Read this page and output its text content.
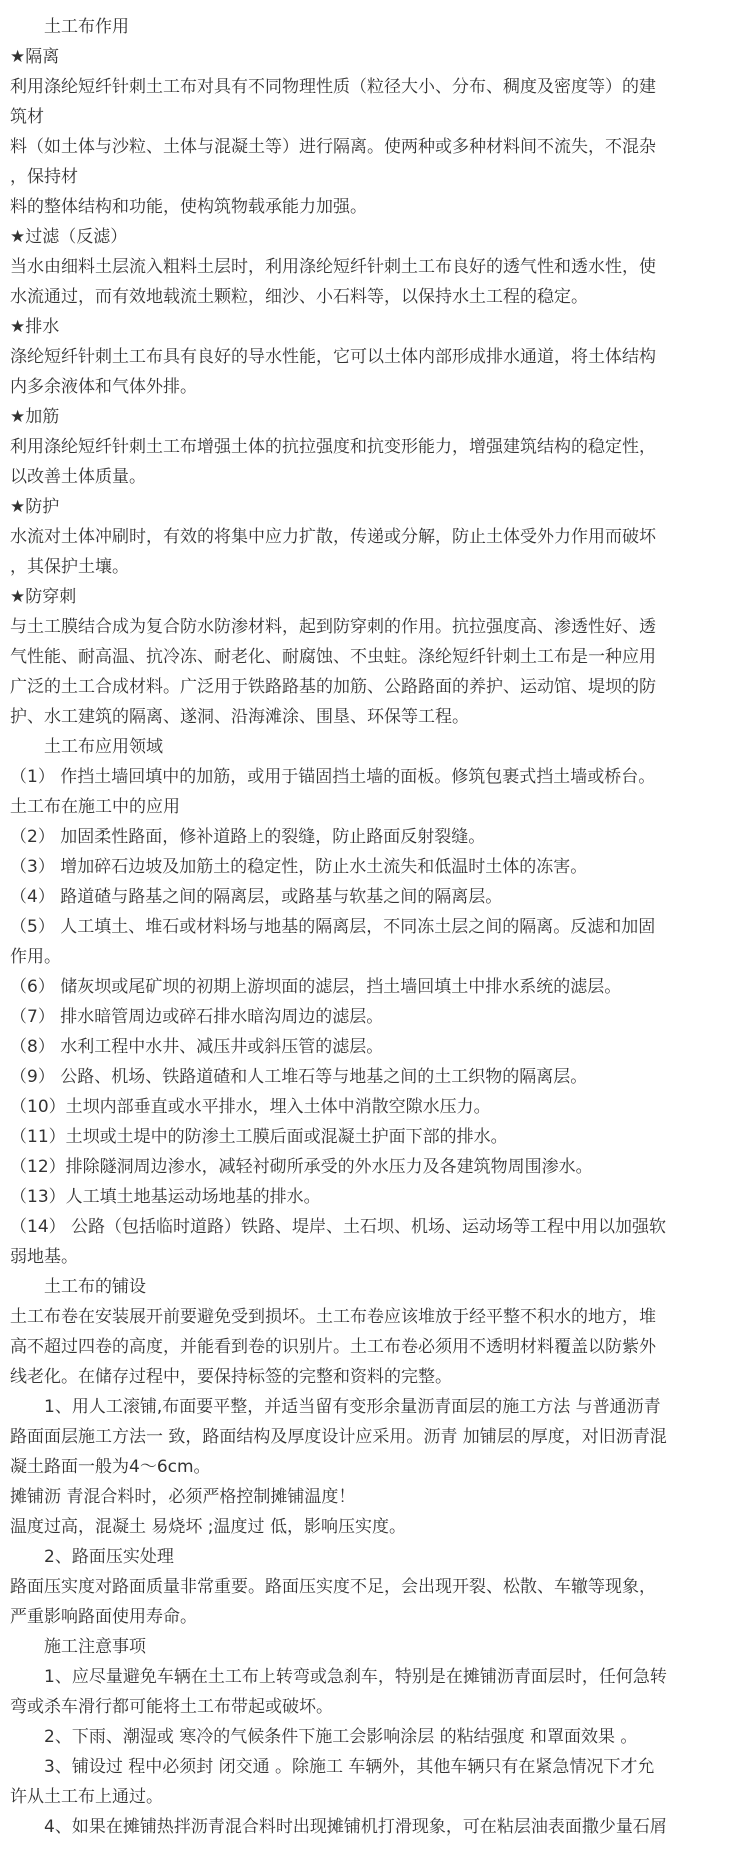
土工布作用

★隔离

利用涤纶短纤针刺土工布对具有不同物理性质（粒径大小、分布、稠度及密度等）的建

筑材

料（如土体与沙粒、土体与混凝土等）进行隔离。使两种或多种材料间不流失，不混杂

，保持材

料的整体结构和功能，使构筑物载承能力加强。

★过滤（反滤）

当水由细料土层流入粗料土层时，利用涤纶短纤针刺土工布良好的透气性和透水性，使

水流通过，而有效地载流土颗粒，细沙、小石料等，以保持水土工程的稳定。

★排水

涤纶短纤针刺土工布具有良好的导水性能，它可以土体内部形成排水通道，将土体结构

内多余液体和气体外排。

★加筋

利用涤纶短纤针刺土工布增强土体的抗拉强度和抗变形能力，增强建筑结构的稳定性，

以改善土体质量。

★防护

水流对土体冲刷时，有效的将集中应力扩散，传递或分解，防止土体受外力作用而破坏

，其保护土壤。

★防穿刺

与土工膜结合成为复合防水防渗材料，起到防穿刺的作用。抗拉强度高、渗透性好、透

气性能、耐高温、抗冷冻、耐老化、耐腐蚀、不虫蛀。涤纶短纤针刺土工布是一种应用

广泛的土工合成材料。广泛用于铁路路基的加筋、公路路面的养护、运动馆、堤坝的防

护、水工建筑的隔离、遂洞、沿海滩涂、围垦、环保等工程。

土工布应用领域

（1） 作挡土墙回填中的加筋，或用于锚固挡土墙的面板。修筑包裹式挡土墙或桥台。

土工布在施工中的应用

（2） 加固柔性路面，修补道路上的裂缝，防止路面反射裂缝。

（3） 增加碎石边坡及加筋土的稳定性，防止水土流失和低温时土体的冻害。

（4） 路道碴与路基之间的隔离层，或路基与软基之间的隔离层。

（5） 人工填土、堆石或材料场与地基的隔离层，不同冻土层之间的隔离。反滤和加固

作用。

（6） 储灰坝或尾矿坝的初期上游坝面的滤层，挡土墙回填土中排水系统的滤层。

（7） 排水暗管周边或碎石排水暗沟周边的滤层。

（8） 水利工程中水井、减压井或斜压管的滤层。

（9） 公路、机场、铁路道碴和人工堆石等与地基之间的土工织物的隔离层。

（10）土坝内部垂直或水平排水，埋入土体中消散空隙水压力。

（11）土坝或土堤中的防渗土工膜后面或混凝土护面下部的排水。

（12）排除隧洞周边渗水，减轻衬砌所承受的外水压力及各建筑物周围渗水。

（13）人工填土地基运动场地基的排水。

（14） 公路（包括临时道路）铁路、堤岸、土石坝、机场、运动场等工程中用以加强软

弱地基。

土工布的铺设

土工布卷在安装展开前要避免受到损坏。土工布卷应该堆放于经平整不积水的地方，堆

高不超过四卷的高度，并能看到卷的识别片。土工布卷必须用不透明材料覆盖以防紫外

线老化。在储存过程中，要保持标签的完整和资料的完整。

1、用人工滚铺,布面要平整，并适当留有变形余量沥青面层的施工方法 与普通沥青

路面面层施工方法一 致，路面结构及厚度设计应采用。沥青 加铺层的厚度，对旧沥青混

凝土路面一般为4～6cm。

摊铺沥 青混合料时，必须严格控制摊铺温度！

温度过高，混凝土 易烧坏 ;温度过 低，影响压实度。

2、路面压实处理

路面压实度对路面质量非常重要。路面压实度不足，会出现开裂、松散、车辙等现象，

严重影响路面使用寿命。

施工注意事项

1、应尽量避免车辆在土工布上转弯或急刹车，特别是在摊铺沥青面层时，任何急转

弯或杀车滑行都可能将土工布带起或破坏。

2、下雨、潮湿或 寒冷的气候条件下施工会影响涂层 的粘结强度 和罩面效果 。

3、铺设过 程中必须封 闭交通 。除施工 车辆外，其他车辆只有在紧急情况下才允

许从土工布上通过。

4、如果在摊铺热拌沥青混合料时出现摊铺机打滑现象，可在粘层油表面撒少量石屑
